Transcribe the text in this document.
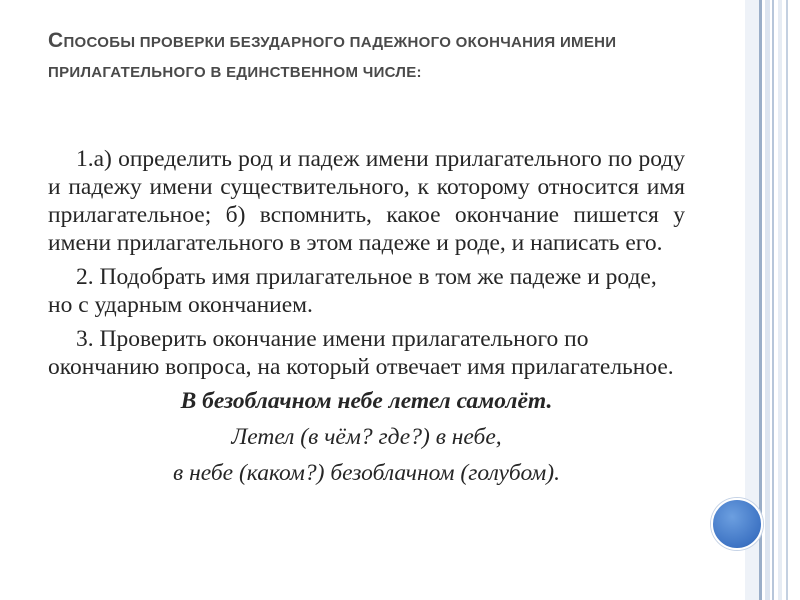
СПОСОБЫ ПРОВЕРКИ БЕЗУДАРНОГО ПАДЕЖНОГО ОКОНЧАНИЯ ИМЕНИ ПРИЛАГАТЕЛЬНОГО В ЕДИНСТВЕННОМ ЧИСЛЕ:

1.а) определить род и падеж имени прилагательного по роду и падежу имени существительного, к которому относится имя прилагательное; б) вспомнить, какое окончание пишется у имени прилагательного в этом падеже и роде, и написать его.

2. Подобрать имя прилагательное в том же падеже и роде, но с ударным окончанием.

3. Проверить окончание имени прилагательного по окончанию вопроса, на который отвечает имя прилагательное.

В безоблачном небе летел самолёт.

Летел (в чём? где?) в небе,

в небе (каком?) безоблачном (голубом).
